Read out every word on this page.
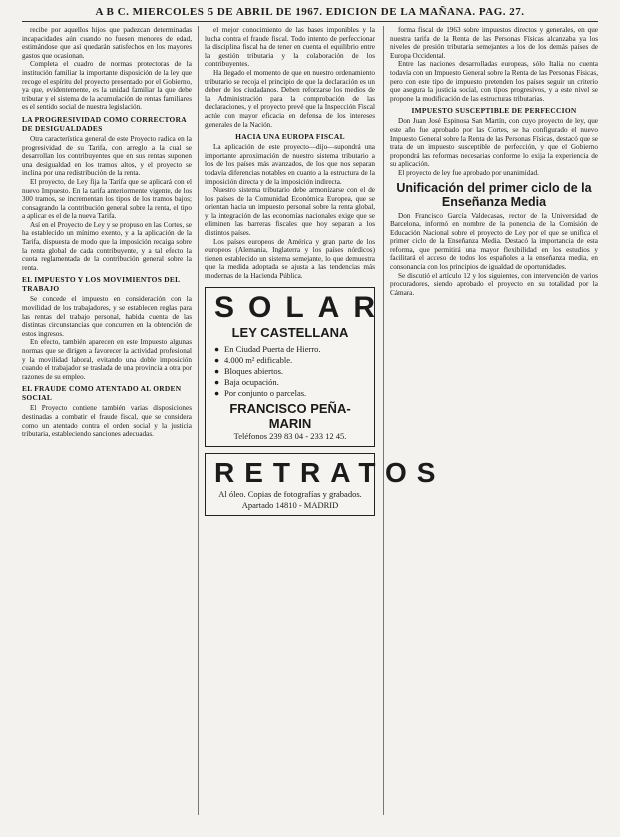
A B C. MIERCOLES 5 DE ABRIL DE 1967. EDICION DE LA MAÑANA. PAG. 27.

recibe por aquellos hijos que padezcan determinadas incapacidades aún cuando no fuesen menores de edad, estimándose que así quedarán satisfechos en los mayores gastos que ocasionan.

Completa el cuadro de normas protectoras de la institución familiar la importante disposición de la ley que recoge el espíritu del proyecto presentado por el Gobierno, ya que, evidentemente, es la unidad familiar la que debe tributar y el sistema de la acumulación de rentas familiares es el sentido social de nuestra legislación.

LA PROGRESIVIDAD COMO CORRECTORA DE DESIGUALDADES

Otra característica general de este Proyecto radica en la progresividad de su Tarifa, con arreglo a la cual se desarrollan los contribuyentes que en sus rentas suponen una desigualdad en los tramos altos, y el proyecto se inclina por una redistribución de la renta.

El proyecto, de Ley fija la Tarifa que se aplicará con el nuevo Impuesto. En la tarifa anteriormente vigente, de los 300 tramos, se incrementan los tipos de los tramos bajos; consagrando la contribución general sobre la renta, el tipo a aplicar es el de la nueva Tarifa.

Así en el Proyecto de Ley y se propuso en las Cortes, se ha establecido un mínimo exento, y a la aplicación de la Tarifa, dispuesta de modo que la imposición recaiga sobre la renta global de cada contribuyente, y a tal efecto la cuota reglamentada de la contribución general sobre la renta.

EL IMPUESTO Y LOS MOVIMIENTOS DEL TRABAJO

Se concede el impuesto en consideración con la movilidad de los trabajadores, y se establecen reglas para las rentas del trabajo personal, habida cuenta de las distintas circunstancias que concurren en la obtención de estos ingresos.

En efecto, también aparecen en este Impuesto algunas normas que se dirigen a favorecer la actividad profesional y la movilidad laboral, evitando una doble imposición cuando el trabajador se traslada de una provincia a otra por razones de su empleo.

EL FRAUDE COMO ATENTADO AL ORDEN SOCIAL

El Proyecto contiene también varias disposiciones destinadas a combatir el fraude fiscal, que se considera como un atentado contra el orden social y la justicia tributaria, estableciendo sanciones adecuadas.

el mejor conocimiento de las bases imponibles y la lucha contra el fraude fiscal. Todo intento de perfeccionar la disciplina fiscal ha de tener en cuenta el equilibrio entre la gestión tributaria y la colaboración de los contribuyentes.

Ha llegado el momento de que en nuestro ordenamiento tributario se recoja el principio de que la declaración es un deber de los ciudadanos. Deben reforzarse los medios de la Administración para la comprobación de las declaraciones, y el proyecto prevé que la Inspección Fiscal actúe con mayor eficacia en defensa de los intereses generales de la Nación.

HACIA UNA EUROPA FISCAL

La aplicación de este proyecto—dijo—supondrá una importante aproximación de nuestro sistema tributario a los de los países más avanzados, de los que nos separan todavía diferencias notables en cuanto a la estructura de la imposición directa y de la imposición indirecta.

Nuestro sistema tributario debe armonizarse con el de los países de la Comunidad Económica Europea, que se orientan hacia un impuesto personal sobre la renta global, y la integración de las economías nacionales exige que se eliminen las barreras fiscales que hoy separan a los distintos países.

Los países europeos de América y gran parte de los europeos (Alemania, Inglaterra y los países nórdicos) tienen establecido un sistema semejante, lo que demuestra que la medida adoptada se ajusta a las tendencias más modernas de la Hacienda Pública.

SOLAR
LEY CASTELLANA
● En Ciudad Puerta de Hierro.
● 4.000 m² edificable.
● Bloques abiertos.
● Baja ocupación.
● Por conjunto o parcelas.
FRANCISCO PEÑA-MARIN
Teléfonos 239 83 04 - 233 12 45.
RETRATOS
Al óleo. Copias de fotografías y grabados.
Apartado 14810 - MADRID

forma fiscal de 1963 sobre impuestos directos y generales, en que nuestra tarifa de la Renta de las Personas Físicas alcanzaba ya los niveles de presión tributaria semejantes a los de los demás países de Europa Occidental.

Entre las naciones desarrolladas europeas, sólo Italia no cuenta todavía con un Impuesto General sobre la Renta de las Personas Físicas, pero con este tipo de impuesto pretenden los países seguir un criterio que asegura la justicia social, con tipos progresivos, y a este nivel se propone la modificación de las estructuras tributarias.

IMPUESTO SUSCEPTIBLE DE PERFECCION

Don Juan José Espinosa San Martín, con cuyo proyecto de ley, que este año fue aprobado por las Cortes, se ha configurado el nuevo Impuesto General sobre la Renta de las Personas Físicas, destacó que se trata de un impuesto susceptible de perfección, y que el Gobierno propondrá las reformas necesarias conforme lo exija la experiencia de su aplicación.

El proyecto de ley fue aprobado por unanimidad.

Unificación del primer ciclo de la Enseñanza Media

Don Francisco García Valdecasas, rector de la Universidad de Barcelona, informó en nombre de la ponencia de la Comisión de Educación Nacional sobre el proyecto de Ley por el que se unifica el primer ciclo de la Enseñanza Media. Destacó la importancia de esta reforma, que permitirá una mayor flexibilidad en los estudios y facilitará el acceso de todos los españoles a la enseñanza media, en consonancia con los principios de igualdad de oportunidades.

Se discutió el artículo 12 y los siguientes, con intervención de varios procuradores, siendo aprobado el proyecto en su totalidad por la Cámara.
